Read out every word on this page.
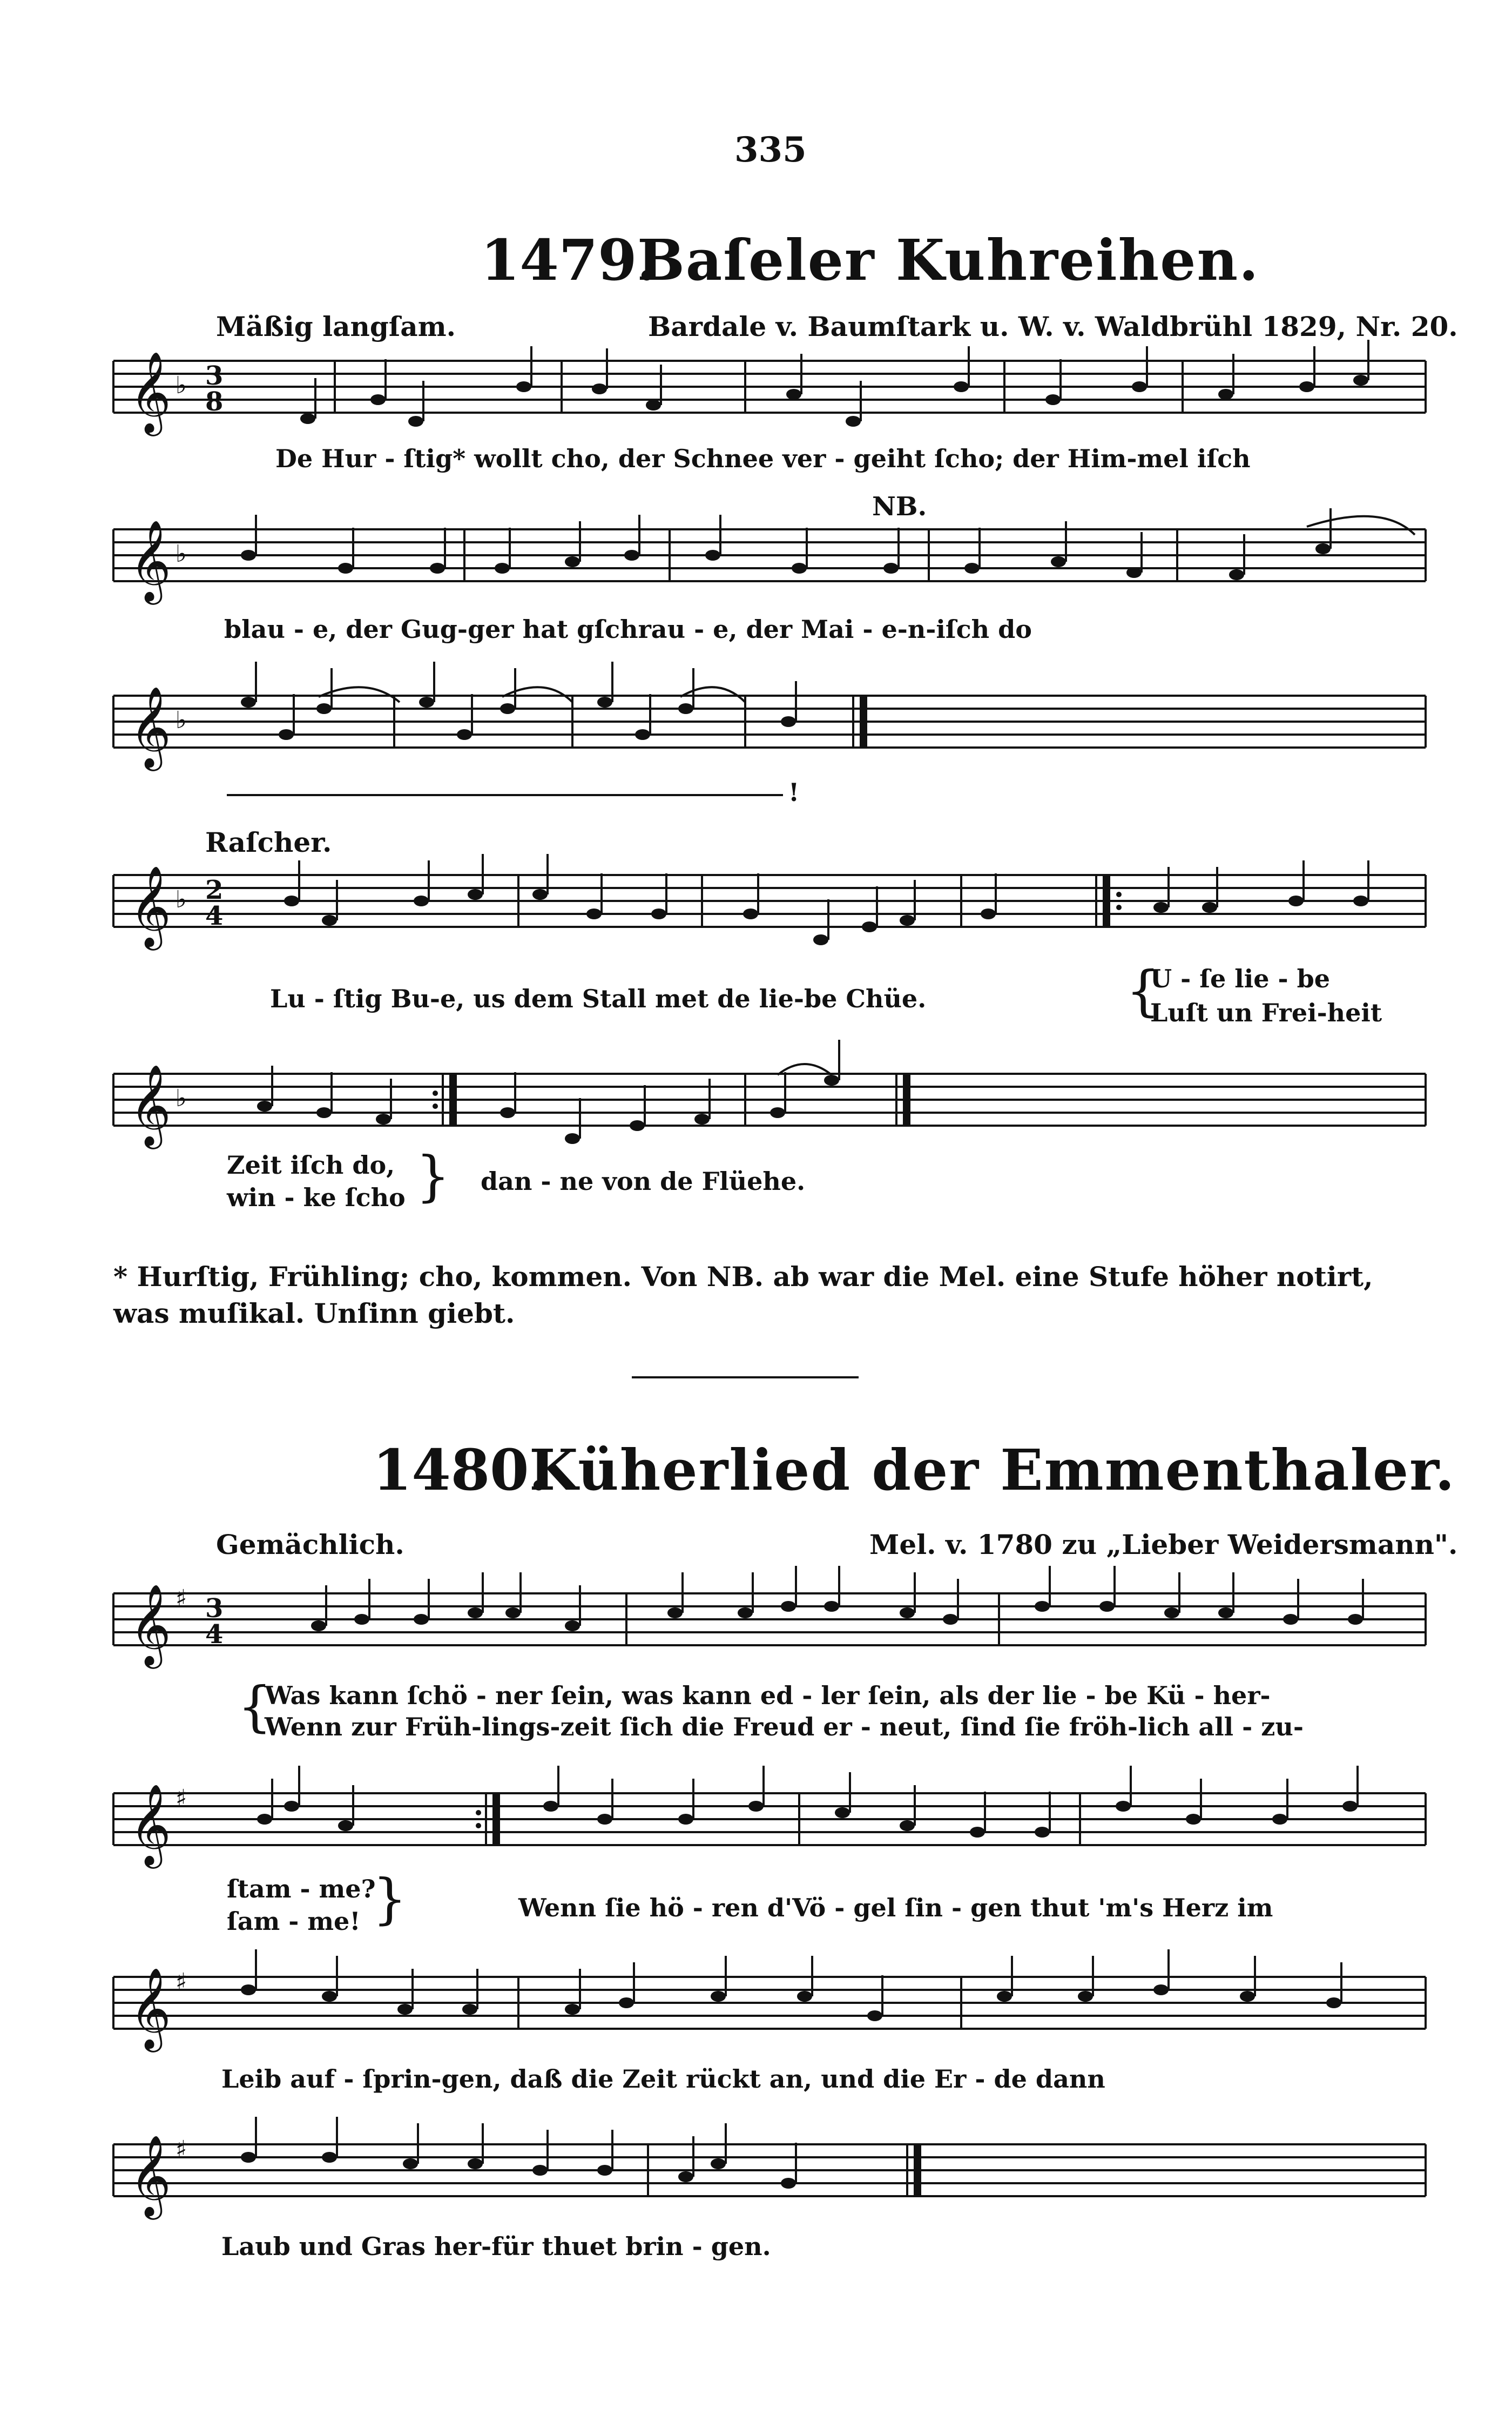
335
1479.
Baſeler Kuhreihen.
Mäßig langſam.	Bardale v. Baumſtark u. W. v. Waldbrühl 1829, Nr. 20.
𝄞 ♭ 3
8
De Hur - ſtig* wollt cho, der Schnee ver - geiht ſcho; der Him-mel iſch
NB.
𝄞 ♭
blau - e, der Gug-ger hat gſchrau - e, der Mai - e-n-iſch do
𝄞 ♭
!
Raſcher.
𝄞 ♭ 2
4
Lu - ſtig Bu-e, us dem Stall met de lie-be Chüe.	{
U - ſe lie - be
Luſt un Frei-heit
𝄞 ♭
Zeit iſch do,
win - ke ſcho } dan - ne von de Flüehe.
* Hurſtig, Frühling; cho, kommen. Von NB. ab war die Mel. eine Stufe höher notirt, was muſikal. Unſinn giebt.
1480.
Küherlied der Emmenthaler.
Gemächlich.	Mel. v. 1780 zu „Lieber Weidersmann".
𝄞 ♯ 3
4
{
Was kann ſchö - ner ſein, was kann ed - ler ſein, als der lie - be Kü - her-
Wenn zur Früh-lings-zeit ſich die Freud er - neut, ſind ſie fröh-lich all - zu-
𝄞 ♯
ſtam - me?
ſam - me! }	Wenn ſie hö - ren d'Vö - gel ſin - gen thut 'm's Herz im
𝄞 ♯
Leib auf - ſprin-gen, daß die Zeit rückt an, und die Er - de dann
𝄞 ♯
Laub und Gras her-für thuet brin - gen.
